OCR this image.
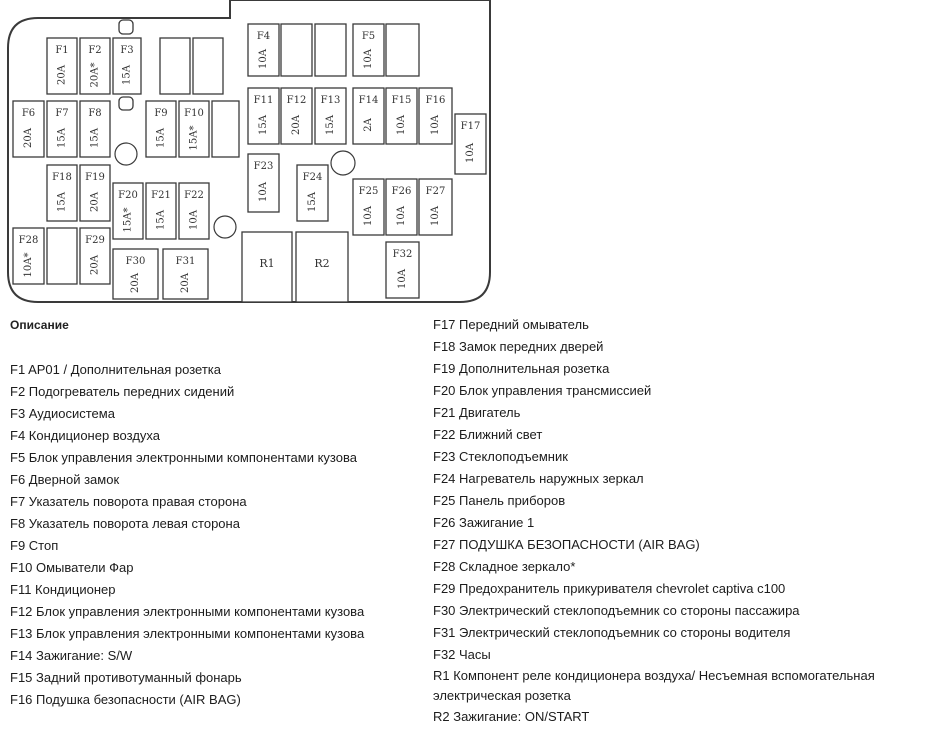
F1
20A
F2
20A*
F3
15A
F4
10A
F5
10A
F6
20A
F7
15A
F8
15A
F9
15A
F10
15A*
F11
15A
F12
20A
F13
15A
F14
2A
F15
10A
F16
10A F17
10A
F18
15A
F19
20A F20
15A*
F21
15A
F22
10A
F23
10A
F24
15A
F25
10A
F26
10A
F27
10A
F28
10A*
F29
20A	F30
20A
F31
20A
F32
10A
R1	R2

Описание

F1 AP01 / Дополнительная розетка
F2 Подогреватель передних сидений
F3 Аудиосистема
F4 Кондиционер воздуха
F5 Блок управления электронными компонентами кузова
F6 Дверной замок
F7 Указатель поворота правая сторона
F8 Указатель поворота левая сторона
F9 Стоп
F10 Омыватели Фар
F11 Кондиционер
F12 Блок управления электронными компонентами кузова
F13 Блок управления электронными компонентами кузова
F14 Зажигание: S/W
F15 Задний противотуманный фонарь
F16 Подушка безопасности (AIR BAG)
F17 Передний омыватель
F18 Замок передних дверей
F19 Дополнительная розетка
F20 Блок управления трансмиссией
F21 Двигатель
F22 Ближний свет
F23 Стеклоподъемник
F24 Нагреватель наружных зеркал
F25 Панель приборов
F26 Зажигание 1
F27 ПОДУШКА БЕЗОПАСНОСТИ (AIR BAG)
F28 Складное зеркало*
F29 Предохранитель прикуривателя chevrolet captiva c100
F30 Электрический стеклоподъемник со стороны пассажира
F31 Электрический стеклоподъемник со стороны водителя
F32 Часы
R1 Компонент реле кондиционера воздуха/ Несъемная вспомогательная
электрическая розетка
R2 Зажигание: ON/START
